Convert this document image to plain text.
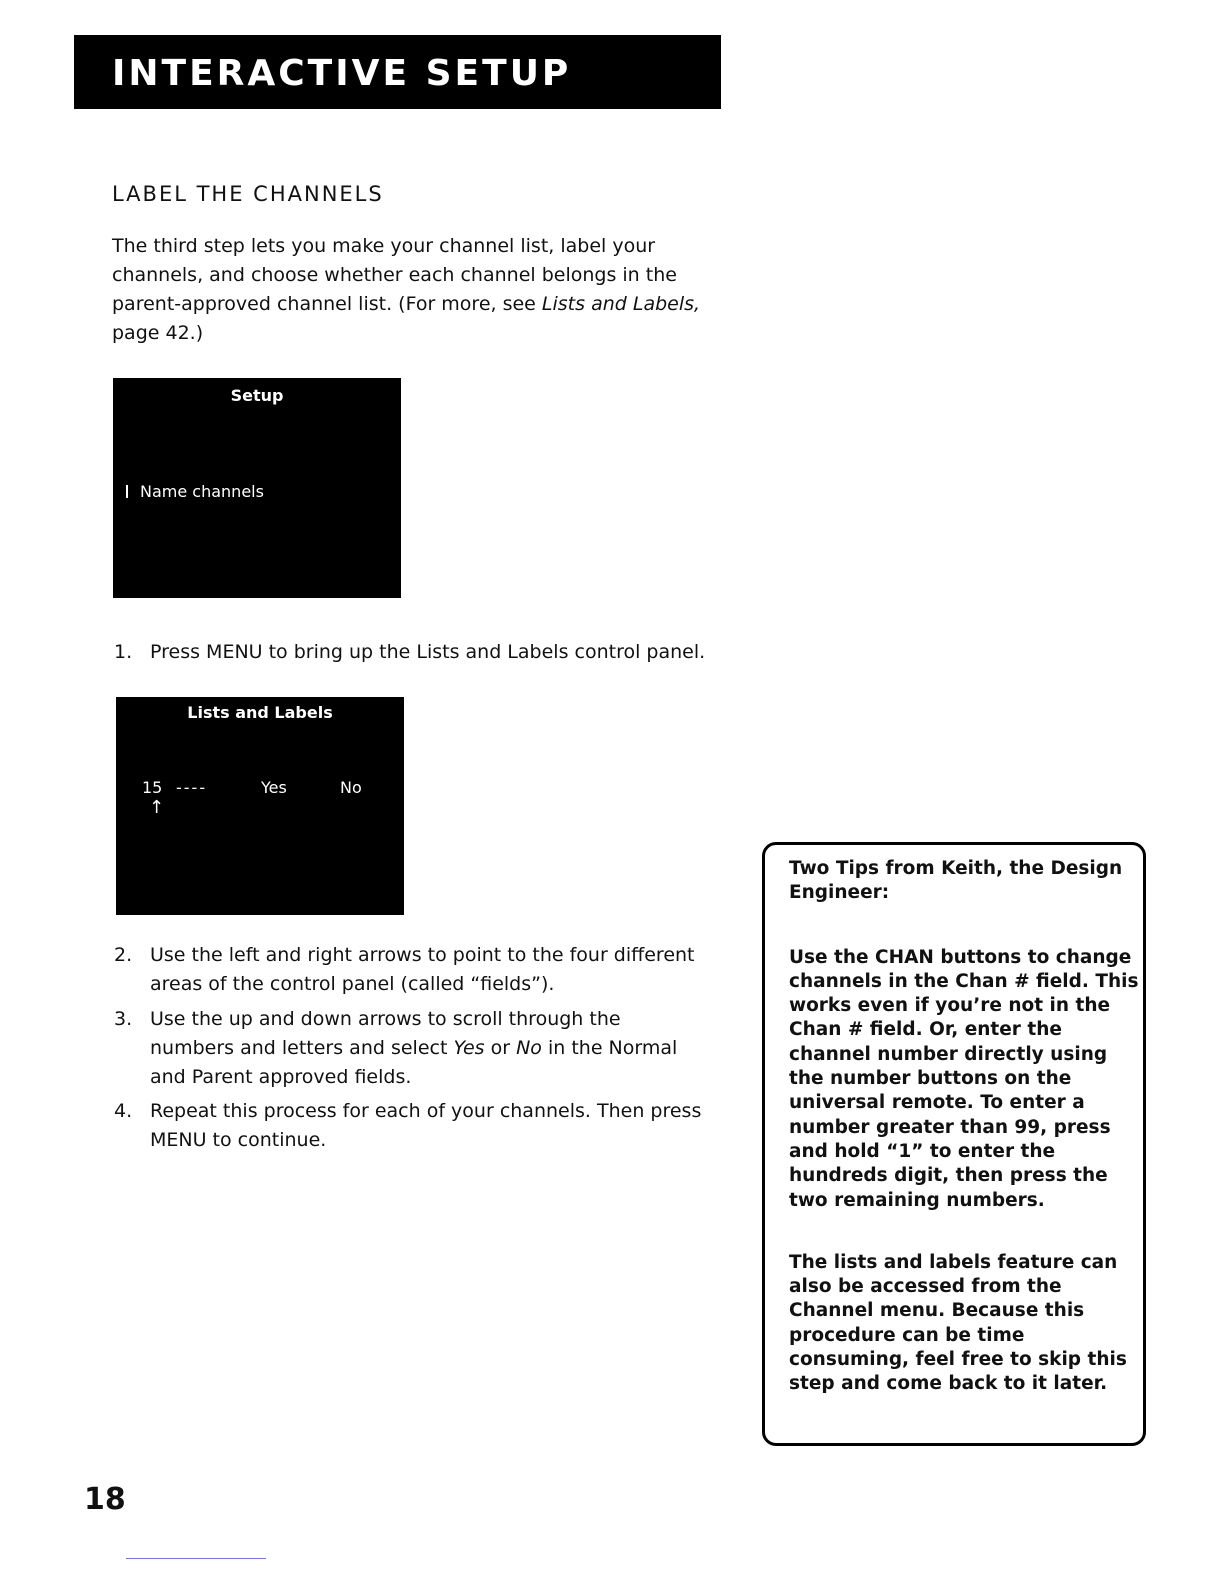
INTERACTIVE SETUP
LABEL THE CHANNELS

The third step lets you make your channel list, label your

channels, and choose whether each channel belongs in the

parent-approved channel list. (For more, see Lists and Labels,

page 42.)

Setup
Name channels
1. Press MENU to bring up the Lists and Labels control panel.
Lists and Labels
15 ----	Yes	No
↑
2. Use the left and right arrows to point to the four different
areas of the control panel (called “fields”).
3. Use the up and down arrows to scroll through the
numbers and letters and select Yes or No in the Normal
and Parent approved fields.
4. Repeat this process for each of your channels. Then press
MENU to continue.

Two Tips from Keith, the Design Engineer:

Use the CHAN buttons to change channels in the Chan # field. This works even if you’re not in the Chan # field. Or, enter the channel number directly using the number buttons on the universal remote. To enter a number greater than 99, press and hold “1” to enter the hundreds digit, then press the two remaining numbers.

The lists and labels feature can also be accessed from the Channel menu. Because this procedure can be time consuming, feel free to skip this step and come back to it later.

18
